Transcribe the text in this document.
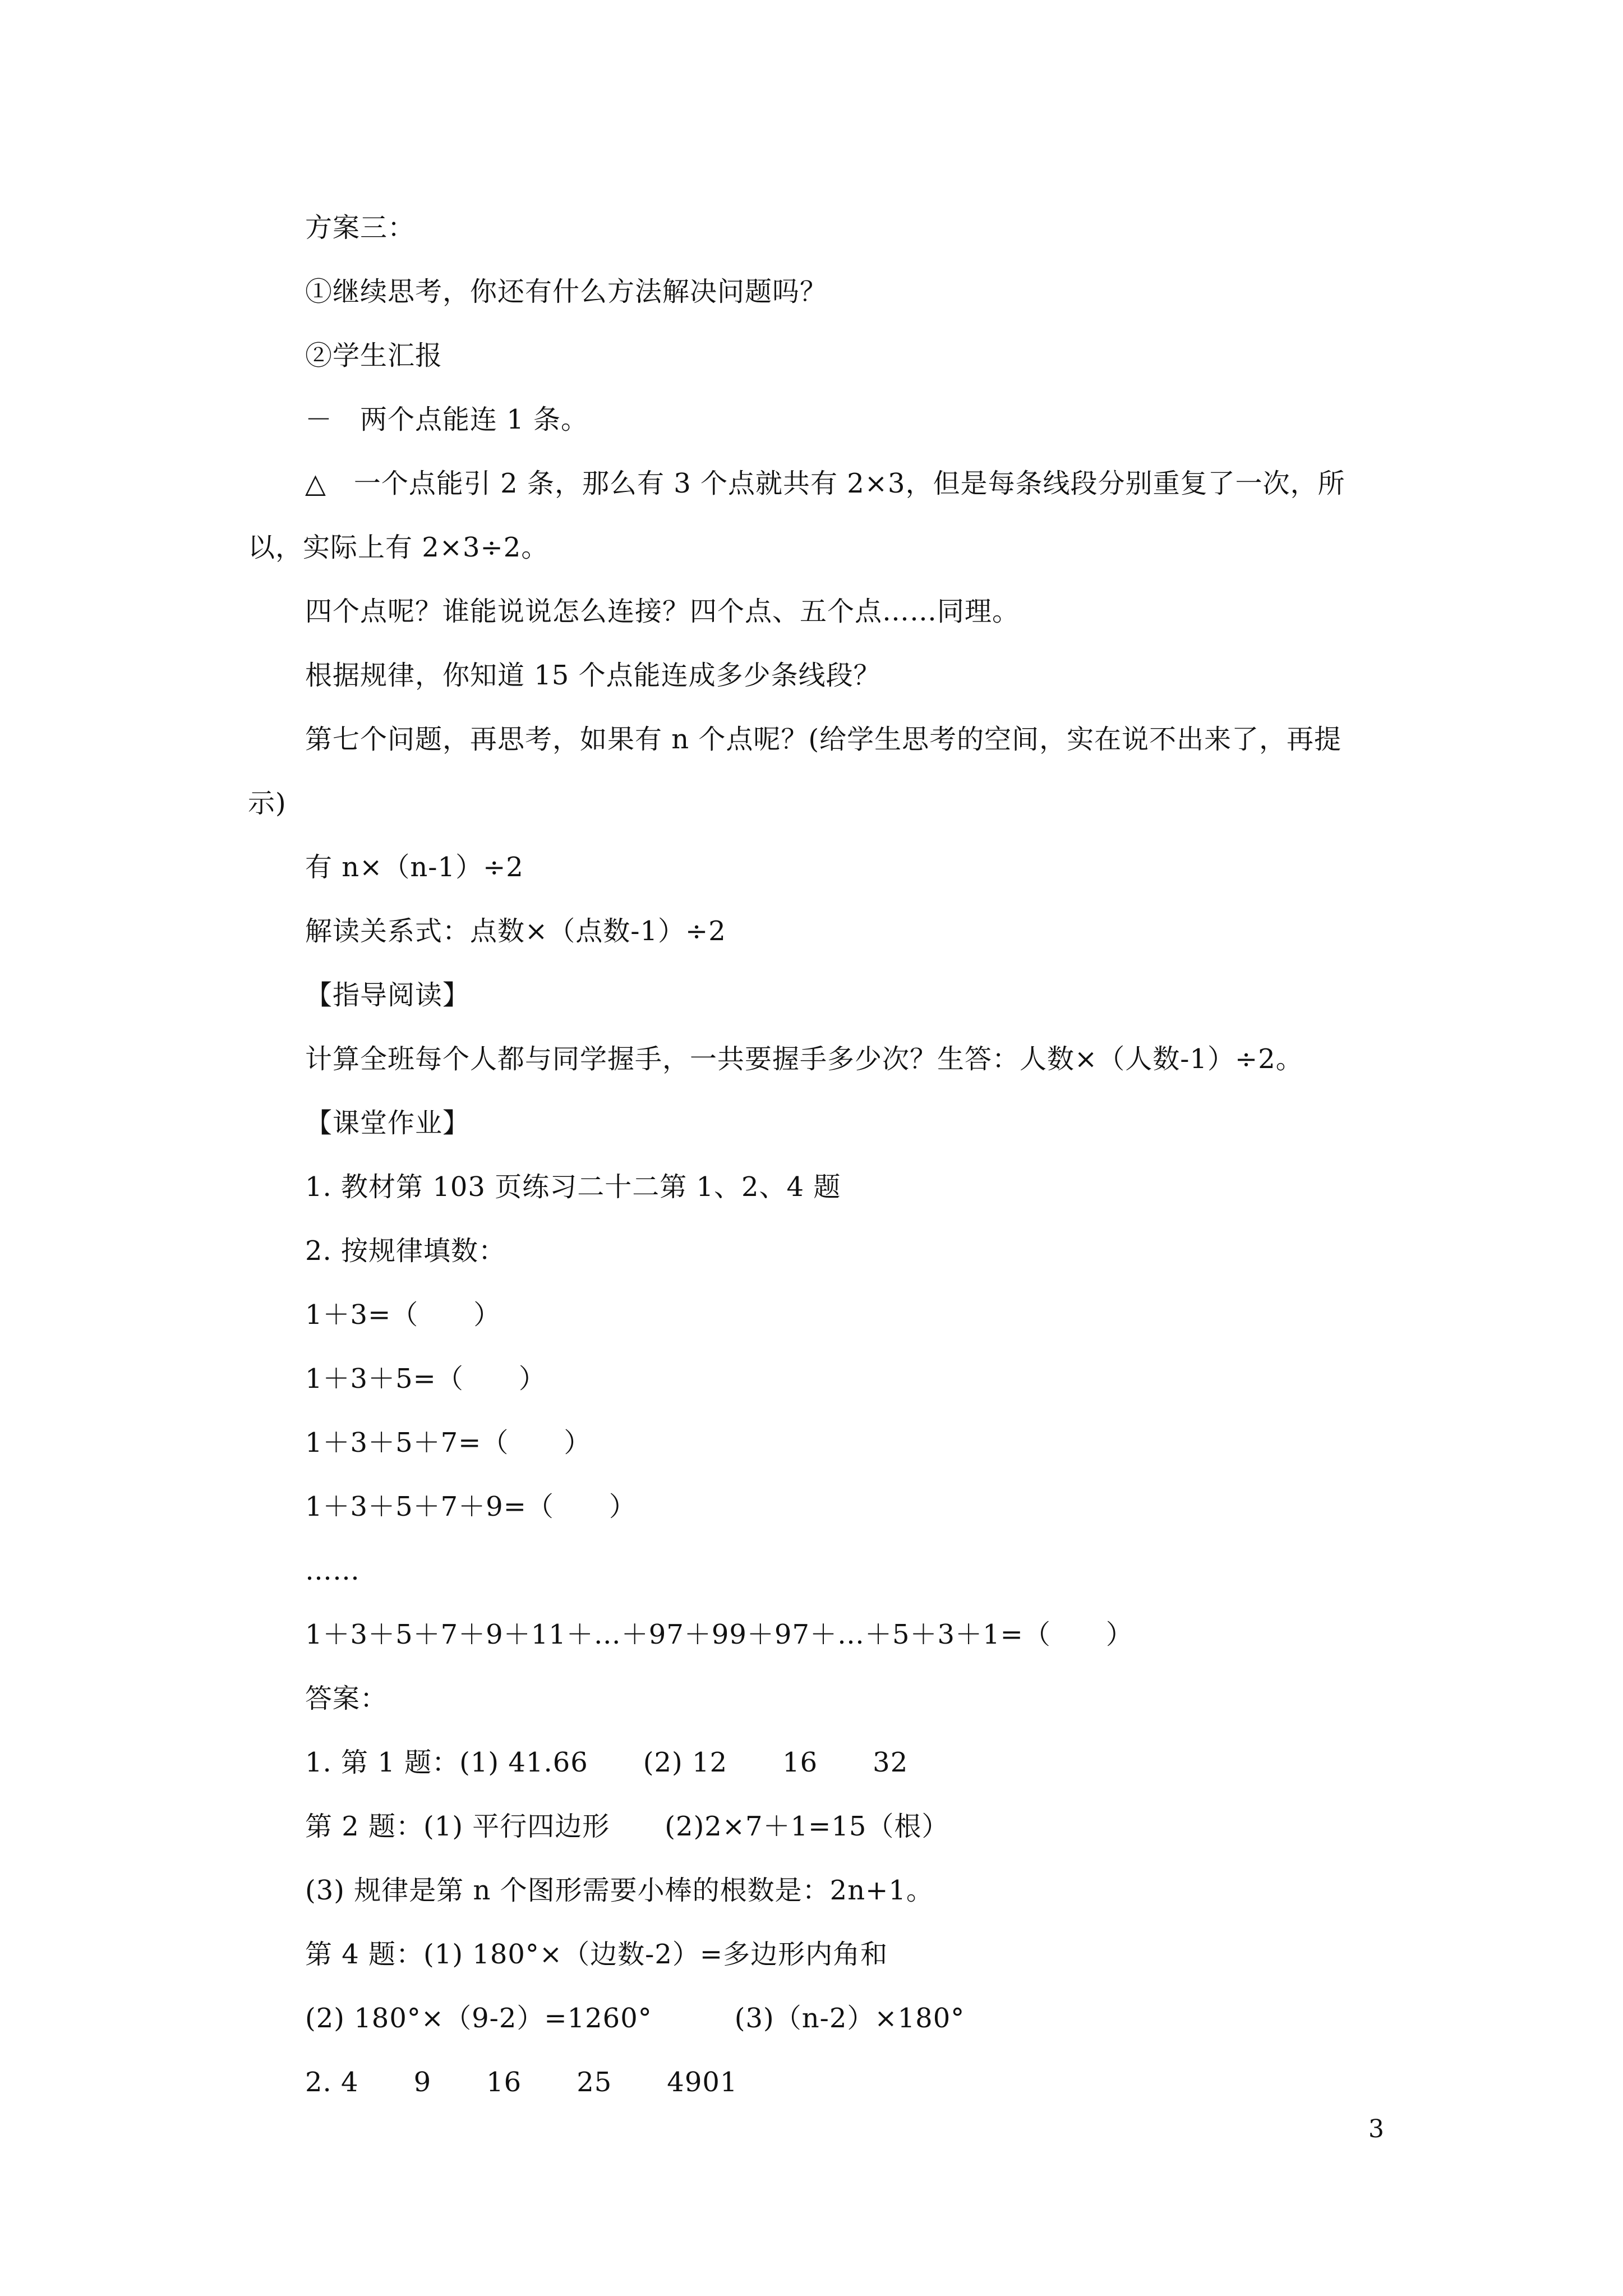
方案三：
①继续思考，你还有什么方法解决问题吗？
②学生汇报
－　两个点能连 1 条。
△　一个点能引 2 条，那么有 3 个点就共有 2×3，但是每条线段分别重复了一次，所
以，实际上有 2×3÷2。
四个点呢？谁能说说怎么连接？四个点、五个点……同理。
根据规律，你知道 15 个点能连成多少条线段？
第七个问题，再思考，如果有 n 个点呢？(给学生思考的空间，实在说不出来了，再提
示)
有 n×（n-1）÷2
解读关系式：点数×（点数-1）÷2
【指导阅读】
计算全班每个人都与同学握手，一共要握手多少次？生答：人数×（人数-1）÷2。
【课堂作业】
1. 教材第 103 页练习二十二第 1、2、4 题
2. 按规律填数：
1＋3=（　　）
1＋3＋5=（　　）
1＋3＋5＋7=（　　）
1＋3＋5＋7＋9=（　　）
……
1＋3＋5＋7＋9＋11＋…＋97＋99＋97＋…＋5＋3＋1=（　　）
答案：
1. 第 1 题：(1) 41.66　　(2) 12　　16　　32
第 2 题：(1) 平行四边形　　(2)2×7＋1=15（根）
(3) 规律是第 n 个图形需要小棒的根数是：2n+1。
第 4 题：(1) 180°×（边数-2）=多边形内角和
(2) 180°×（9-2）=1260°　　　(3)（n-2）×180°
2. 4　　9　　16　　25　　4901
3
